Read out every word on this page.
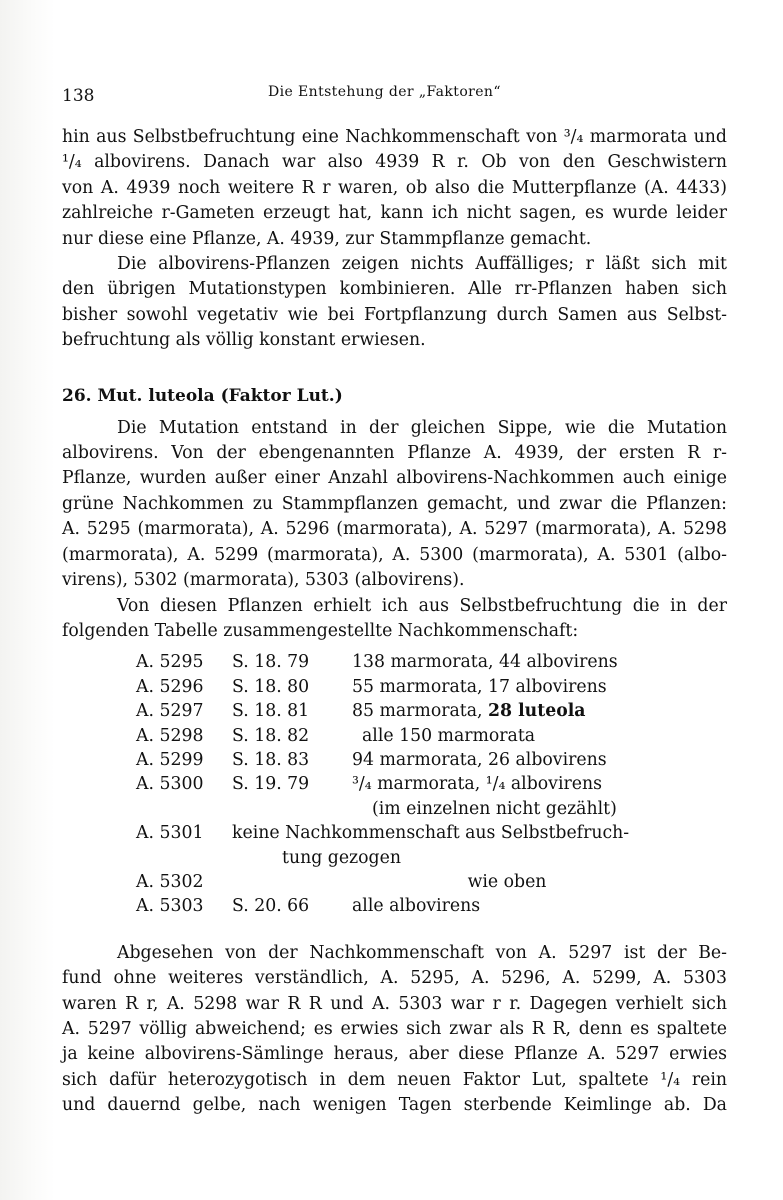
138	Die Entstehung der „Faktoren“
hin aus Selbstbefruchtung eine Nachkommenschaft von ³/₄ marmorata und
¹/₄ albovirens. Danach war also 4939 R r. Ob von den Geschwistern
von A. 4939 noch weitere R r waren, ob also die Mutterpflanze (A. 4433)
zahlreiche r-Gameten erzeugt hat, kann ich nicht sagen, es wurde leider
nur diese eine Pflanze, A. 4939, zur Stammpflanze gemacht.
Die albovirens-Pflanzen zeigen nichts Auffälliges; r läßt sich mit
den übrigen Mutationstypen kombinieren. Alle rr-Pflanzen haben sich
bisher sowohl vegetativ wie bei Fortpflanzung durch Samen aus Selbst-
befruchtung als völlig konstant erwiesen.
26. Mut. luteola (Faktor Lut.)
Die Mutation entstand in der gleichen Sippe, wie die Mutation
albovirens. Von der ebengenannten Pflanze A. 4939, der ersten R r-
Pflanze, wurden außer einer Anzahl albovirens-Nachkommen auch einige
grüne Nachkommen zu Stammpflanzen gemacht, und zwar die Pflanzen:
A. 5295 (marmorata), A. 5296 (marmorata), A. 5297 (marmorata), A. 5298
(marmorata), A. 5299 (marmorata), A. 5300 (marmorata), A. 5301 (albo-
virens), 5302 (marmorata), 5303 (albovirens).
Von diesen Pflanzen erhielt ich aus Selbstbefruchtung die in der
folgenden Tabelle zusammengestellte Nachkommenschaft:
A. 5295	S. 18. 79	138 marmorata, 44 albovirens
A. 5296	S. 18. 80	55 marmorata, 17 albovirens
A. 5297	S. 18. 81	85 marmorata, 28 luteola
A. 5298	S. 18. 82	alle 150 marmorata
A. 5299	S. 18. 83	94 marmorata, 26 albovirens
A. 5300	S. 19. 79	³/₄ marmorata, ¹/₄ albovirens
(im einzelnen nicht gezählt)

A. 5301	keine Nachkommenschaft aus Selbstbefruch-
tung gezogen	

A. 5302		wie oben
A. 5303	S. 20. 66	alle albovirens
Abgesehen von der Nachkommenschaft von A. 5297 ist der Be-
fund ohne weiteres verständlich, A. 5295, A. 5296, A. 5299, A. 5303
waren R r, A. 5298 war R R und A. 5303 war r r. Dagegen verhielt sich
A. 5297 völlig abweichend; es erwies sich zwar als R R, denn es spaltete
ja keine albovirens-Sämlinge heraus, aber diese Pflanze A. 5297 erwies
sich dafür heterozygotisch in dem neuen Faktor Lut, spaltete ¹/₄ rein
und dauernd gelbe, nach wenigen Tagen sterbende Keimlinge ab. Da
